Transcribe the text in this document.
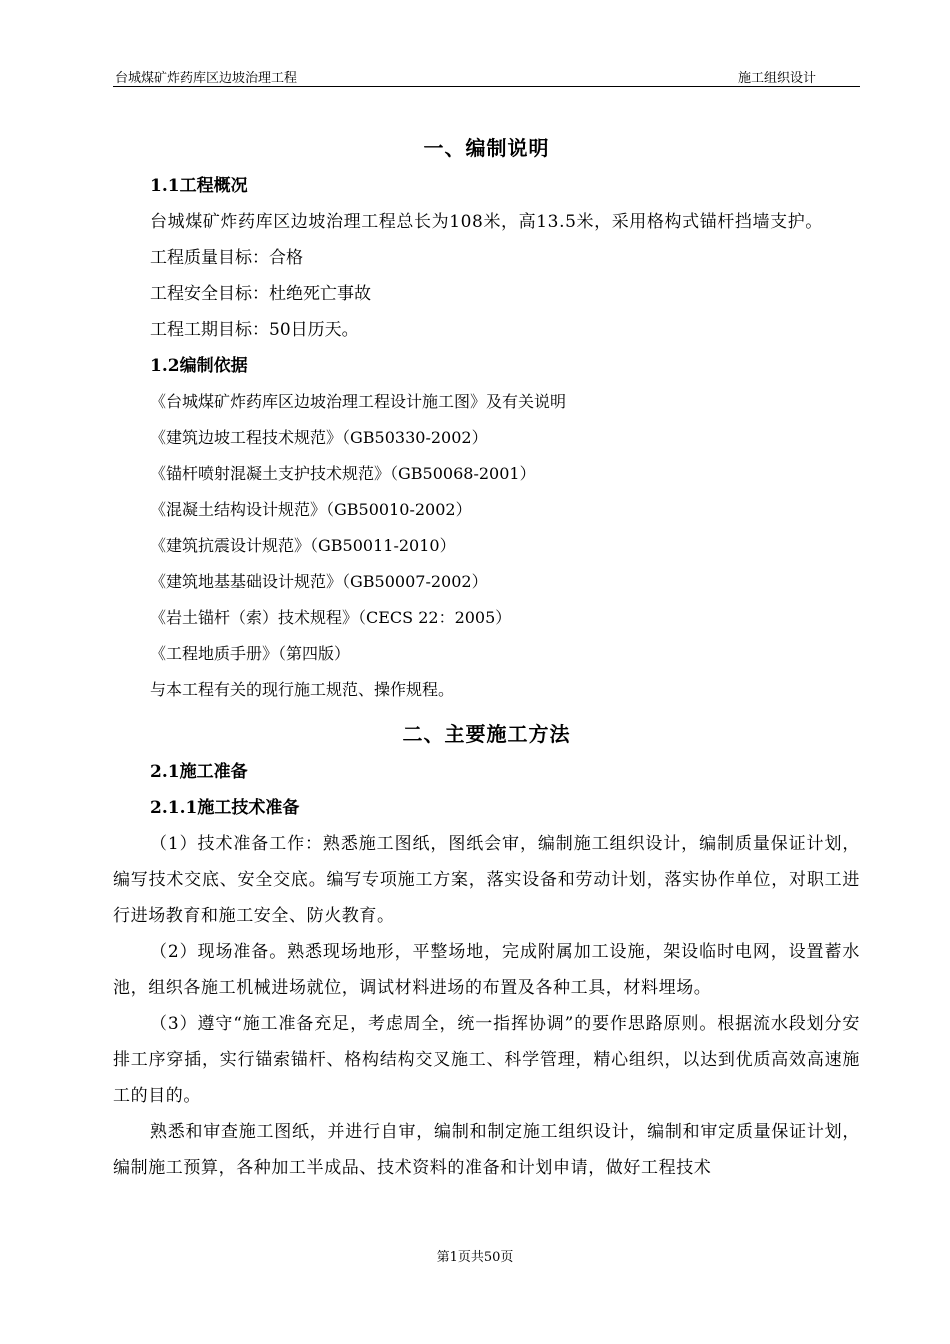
台城煤矿炸药库区边坡治理工程	施工组织设计
一、编制说明
1.1工程概况
台城煤矿炸药库区边坡治理工程总长为108米，高13.5米，采用格构式锚杆挡墙支护。
工程质量目标：合格
工程安全目标：杜绝死亡事故
工程工期目标：50日历天。
1.2编制依据
《台城煤矿炸药库区边坡治理工程设计施工图》及有关说明
《建筑边坡工程技术规范》（GB50330-2002）
《锚杆喷射混凝土支护技术规范》（GB50068-2001）
《混凝土结构设计规范》（GB50010-2002）
《建筑抗震设计规范》（GB50011-2010）
《建筑地基基础设计规范》（GB50007-2002）
《岩土锚杆（索）技术规程》（CECS 22：2005）
《工程地质手册》（第四版）
与本工程有关的现行施工规范、操作规程。
二、主要施工方法
2.1施工准备
2.1.1施工技术准备
（1）技术准备工作：熟悉施工图纸，图纸会审，编制施工组织设计，编制质量保证计划，编写技术交底、安全交底。编写专项施工方案，落实设备和劳动计划，落实协作单位，对职工进行进场教育和施工安全、防火教育。
（2）现场准备。熟悉现场地形，平整场地，完成附属加工设施，架设临时电网，设置蓄水池，组织各施工机械进场就位，调试材料进场的布置及各种工具，材料埋场。
（3）遵守“施工准备充足，考虑周全，统一指挥协调”的要作思路原则。根据流水段划分安排工序穿插，实行锚索锚杆、格构结构交叉施工、科学管理，精心组织，以达到优质高效高速施工的目的。
熟悉和审查施工图纸，并进行自审，编制和制定施工组织设计，编制和审定质量保证计划，编制施工预算，各种加工半成品、技术资料的准备和计划申请，做好工程技术
第1页共50页
